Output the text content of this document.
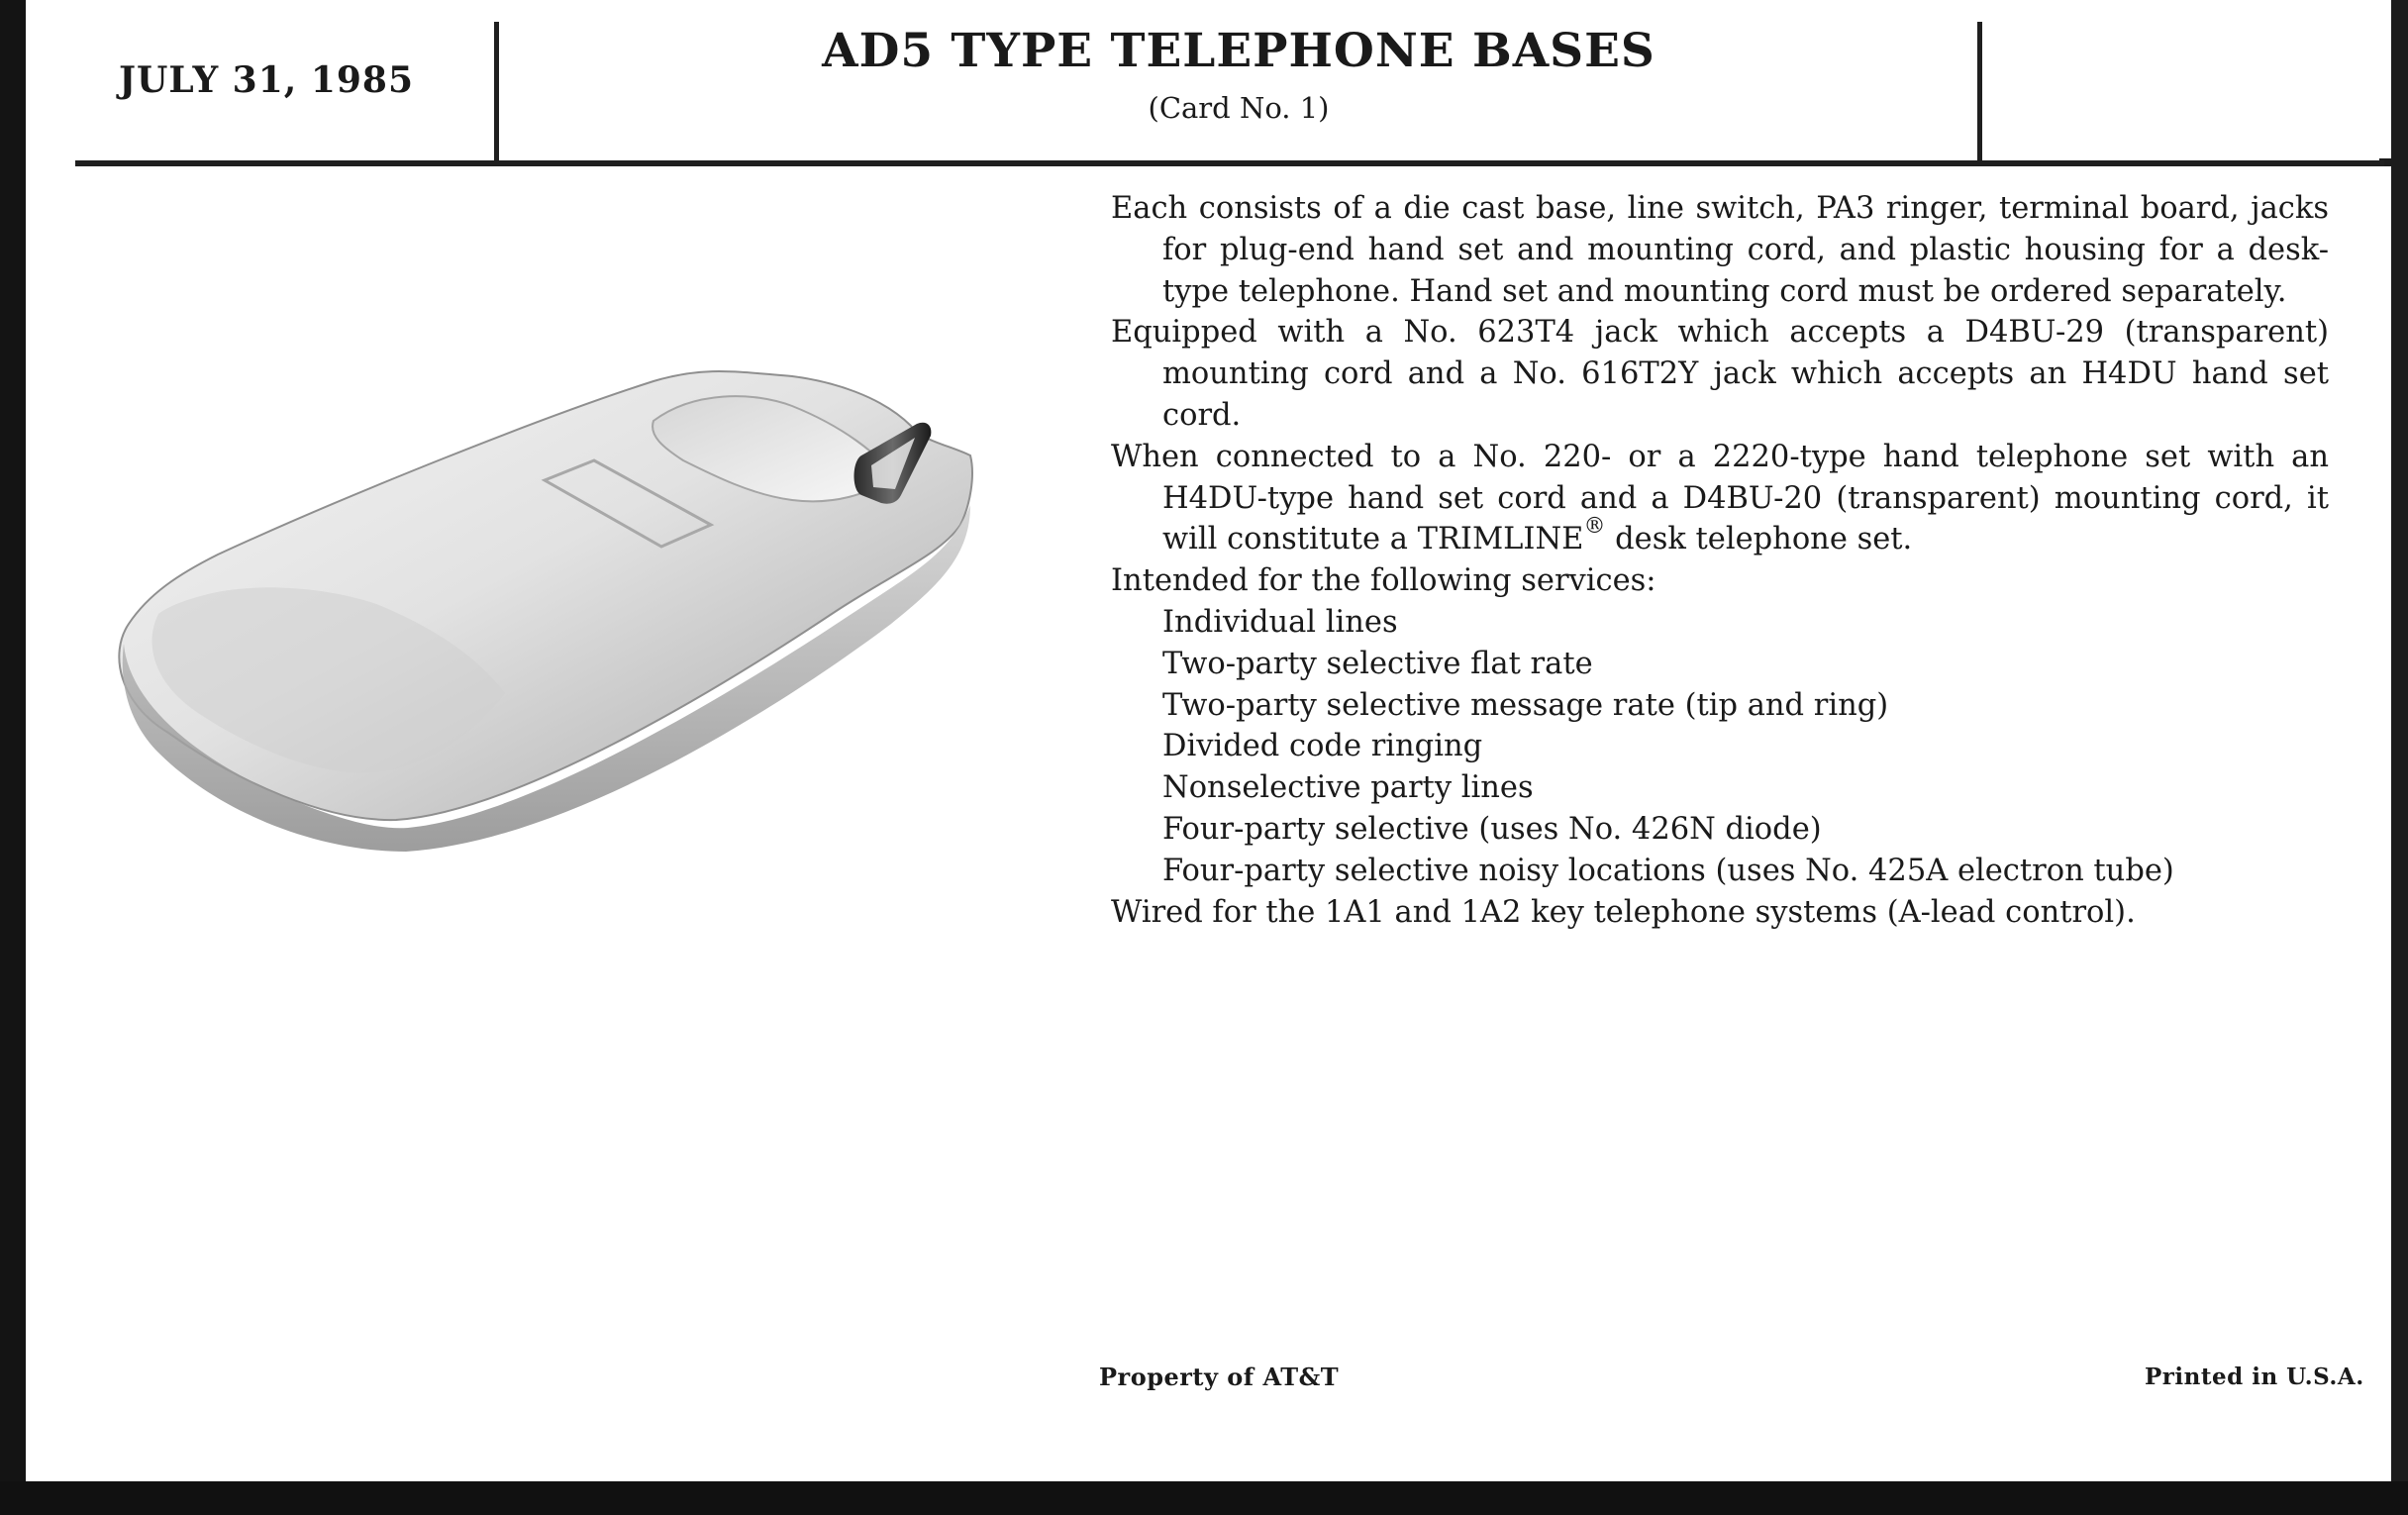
JULY 31, 1985
AD5 TYPE TELEPHONE BASES
(Card No. 1)
Each consists of a die cast base, line switch, PA3 ringer, terminal board, jacks for plug-end hand set and mounting cord, and plastic housing for a desk-type telephone. Hand set and mounting cord must be ordered separately.
Equipped with a No. 623T4 jack which accepts a D4BU-29 (transparent) mounting cord and a No. 616T2Y jack which accepts an H4DU hand set cord.
When connected to a No. 220- or a 2220-type hand telephone set with an H4DU-type hand set cord and a D4BU-20 (transparent) mounting cord, it will constitute a TRIMLINE® desk telephone set.
Intended for the following services:
Individual lines
Two-party selective flat rate
Two-party selective message rate (tip and ring)
Divided code ringing
Nonselective party lines
Four-party selective (uses No. 426N diode)
Four-party selective noisy locations (uses No. 425A electron tube)
Wired for the 1A1 and 1A2 key telephone systems (A-lead control).
Property of AT&T	Printed in U.S.A.
